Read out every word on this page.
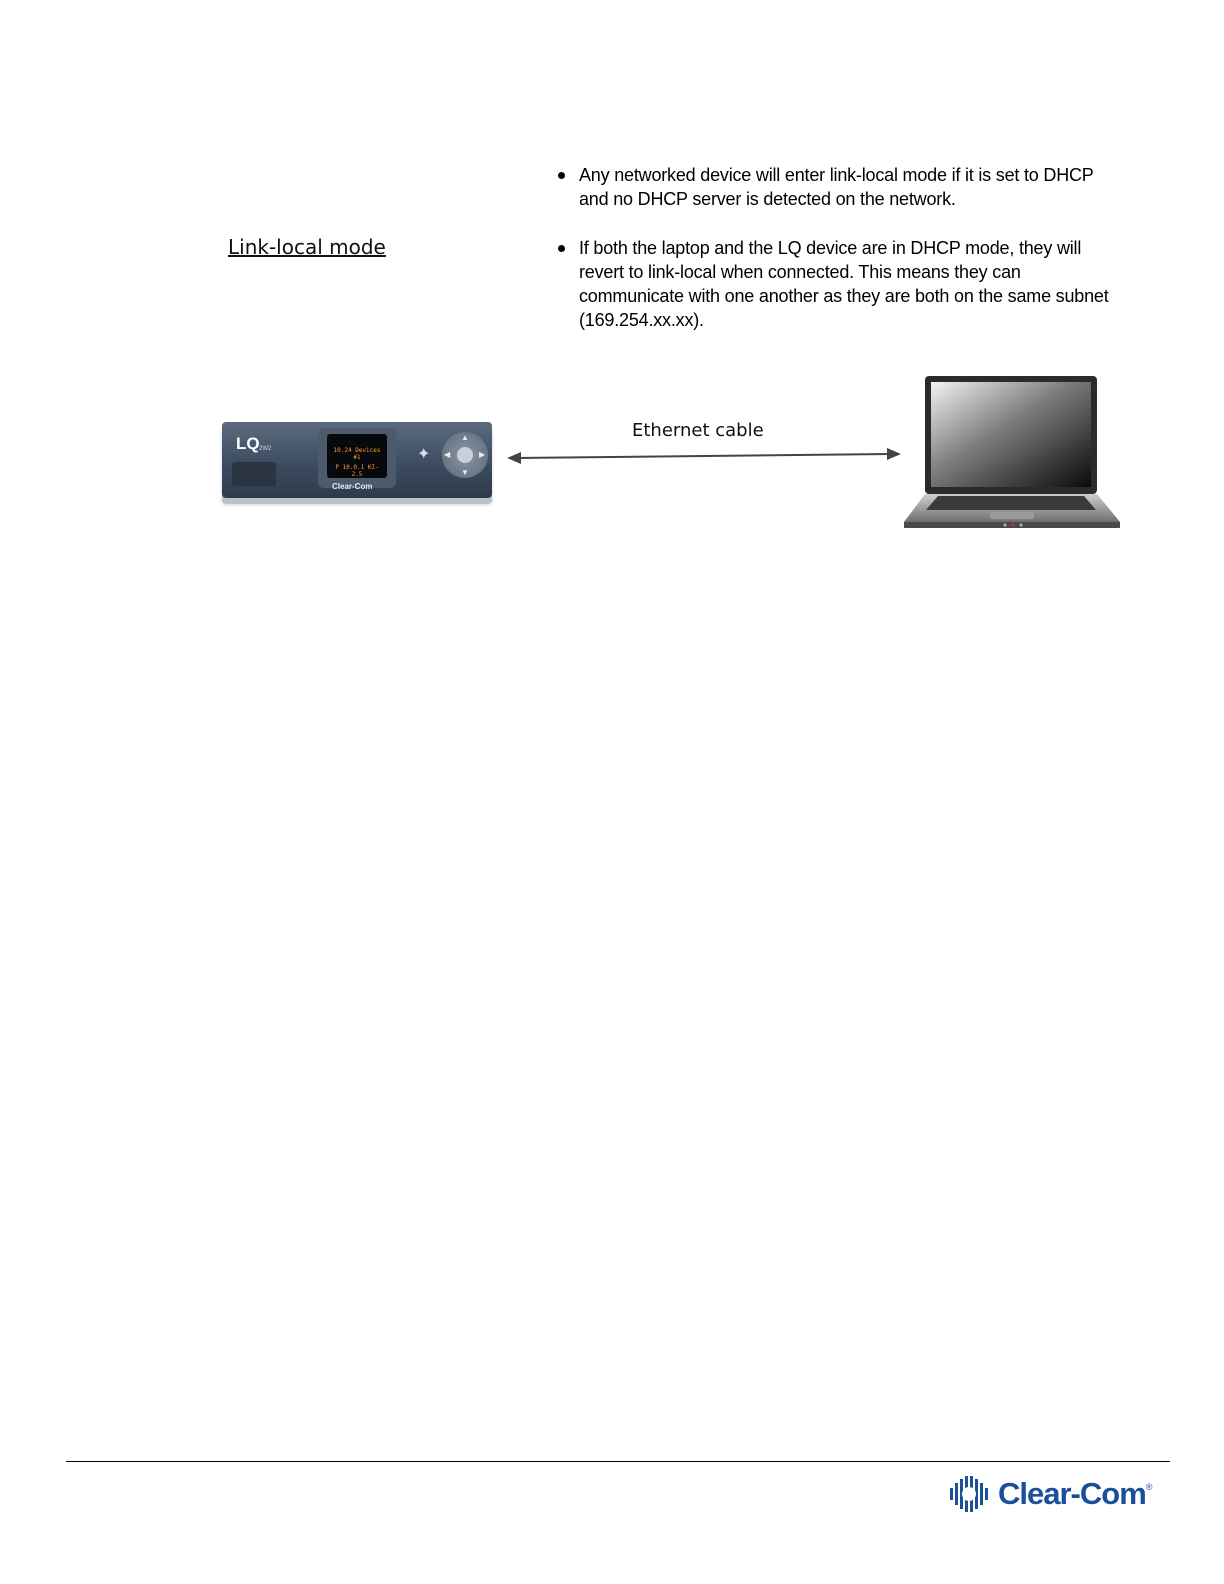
Link-local mode
Any networked device will enter link-local mode if it is set to DHCP and no DHCP server is detected on the network.
If both the laptop and the LQ device are in DHCP mode, they will revert to link-local when connected. This means they can communicate with one another as they are both on the same subnet (169.254.xx.xx).
LQ 2W2	10.24 Devices #1
P 10.0.1 KI-2.5
Clear-Com
✦
▲
▼
◀	▶
Ethernet cable
Clear-Com ®
